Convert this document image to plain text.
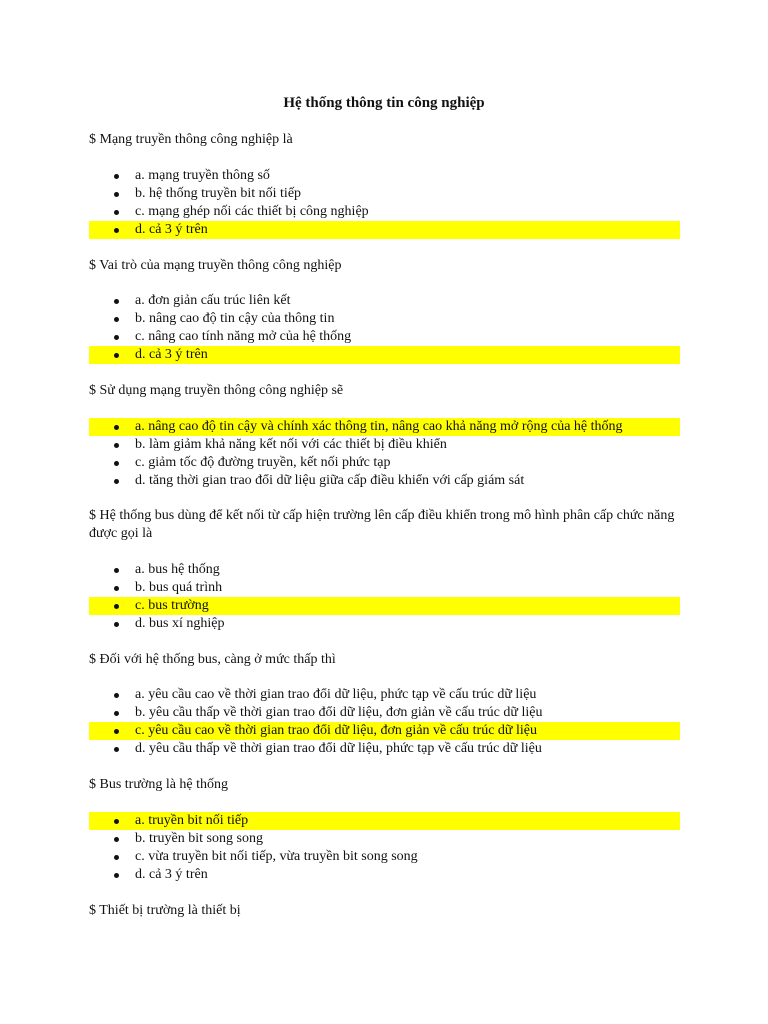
Hệ thống thông tin công nghiệp
$ Mạng truyền thông công nghiệp là
a. mạng truyền thông số
b. hệ thống truyền bit nối tiếp
c. mạng ghép nối các thiết bị công nghiệp
d. cả 3 ý trên
$ Vai trò của mạng truyền thông công nghiệp
a. đơn giản cấu trúc liên kết
b. nâng cao độ tin cậy của thông tin
c. nâng cao tính năng mở của hệ thống
d. cả 3 ý trên
$ Sử dụng mạng truyền thông công nghiệp sẽ
a. nâng cao độ tin cậy và chính xác thông tin, nâng cao khả năng mở rộng của hệ thống
b. làm giảm khả năng kết nối với các thiết bị điều khiển
c. giảm tốc độ đường truyền, kết nối phức tạp
d. tăng thời gian trao đổi dữ liệu giữa cấp điều khiển với cấp giám sát
$ Hệ thống bus dùng để kết nối từ cấp hiện trường lên cấp điều khiển trong mô hình phân cấp chức năng được gọi là
a. bus hệ thống
b. bus quá trình
c. bus trường
d. bus xí nghiệp
$ Đối với hệ thống bus, càng ở mức thấp thì
a. yêu cầu cao về thời gian trao đổi dữ liệu, phức tạp về cấu trúc dữ liệu
b. yêu cầu thấp về thời gian trao đổi dữ liệu, đơn giản về cấu trúc dữ liệu
c. yêu cầu cao về thời gian trao đổi dữ liệu, đơn giản về cấu trúc dữ liệu
d. yêu cầu thấp về thời gian trao đổi dữ liệu, phức tạp về cấu trúc dữ liệu
$ Bus trường là hệ thống
a. truyền bit nối tiếp
b. truyền bit song song
c. vừa truyền bit nối tiếp, vừa truyền bit song song
d. cả 3 ý trên
$ Thiết bị trường là thiết bị
